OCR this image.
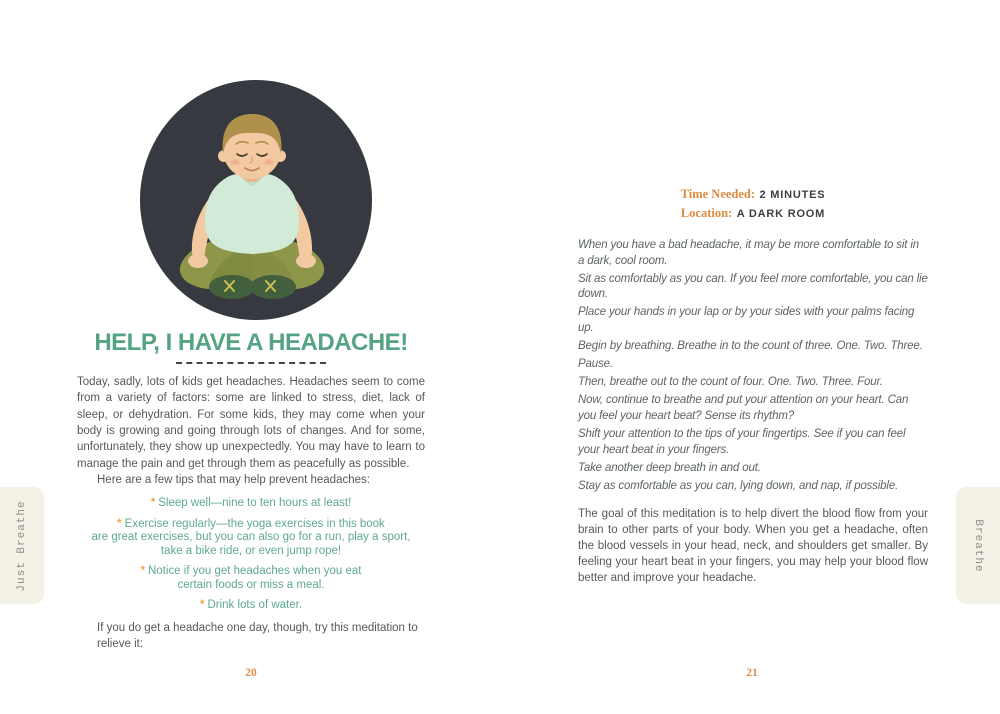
Just Breathe	Breathe
HELP, I HAVE A HEADACHE!

Today, sadly, lots of kids get headaches. Headaches seem to come from a variety of factors: some are linked to stress, diet, lack of sleep, or dehydration. For some kids, they may come when your body is growing and going through lots of changes. And for some, unfortunately, they show up unexpectedly. You may have to learn to manage the pain and get through them as peacefully as possible.

Here are a few tips that may help prevent headaches:

* Sleep well—nine to ten hours at least!

* Exercise regularly—the yoga exercises in this book
are great exercises, but you can also go for a run, play a sport,
take a bike ride, or even jump rope!

* Notice if you get headaches when you eat
certain foods or miss a meal.

* Drink lots of water.

If you do get a headache one day, though, try this meditation to relieve it:

Time Needed: 2 MINUTES
Location: A DARK ROOM

When you have a bad headache, it may be more comfortable to sit in a dark, cool room.

Sit as comfortably as you can. If you feel more comfortable, you can lie down.

Place your hands in your lap or by your sides with your palms facing up.

Begin by breathing. Breathe in to the count of three. One. Two. Three.

Pause.

Then, breathe out to the count of four. One. Two. Three. Four.

Now, continue to breathe and put your attention on your heart. Can you feel your heart beat? Sense its rhythm?

Shift your attention to the tips of your fingertips. See if you can feel your heart beat in your fingers.

Take another deep breath in and out.

Stay as comfortable as you can, lying down, and nap, if possible.

The goal of this meditation is to help divert the blood flow from your brain to other parts of your body. When you get a headache, often the blood vessels in your head, neck, and shoulders get smaller. By feeling your heart beat in your fingers, you may help your blood flow better and improve your headache.

20	21
